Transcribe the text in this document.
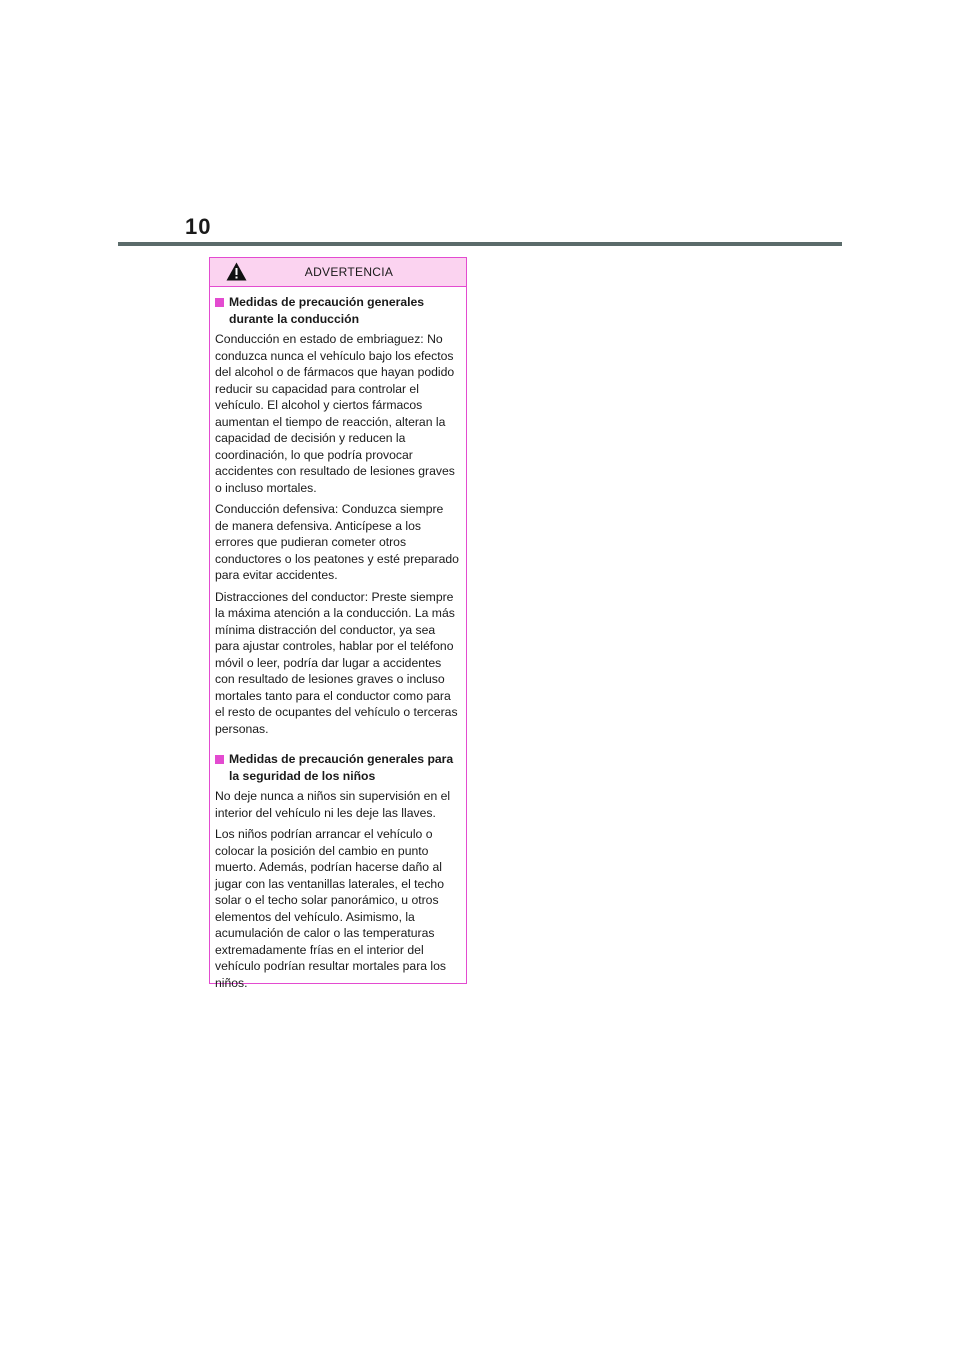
10
ADVERTENCIA
Medidas de precaución generales durante la conducción

Conducción en estado de embriaguez: No conduzca nunca el vehículo bajo los efectos del alcohol o de fármacos que hayan podido reducir su capacidad para controlar el vehículo. El alcohol y ciertos fármacos aumentan el tiempo de reacción, alteran la capacidad de decisión y reducen la coordinación, lo que podría provocar accidentes con resultado de lesiones graves o incluso mortales.

Conducción defensiva: Conduzca siempre de manera defensiva. Anticípese a los errores que pudieran cometer otros conductores o los peatones y esté preparado para evitar accidentes.

Distracciones del conductor: Preste siempre la máxima atención a la conducción. La más mínima distracción del conductor, ya sea para ajustar controles, hablar por el teléfono móvil o leer, podría dar lugar a accidentes con resultado de lesiones graves o incluso mortales tanto para el conductor como para el resto de ocupantes del vehículo o terceras personas.

Medidas de precaución generales para la seguridad de los niños

No deje nunca a niños sin supervisión en el interior del vehículo ni les deje las llaves.

Los niños podrían arrancar el vehículo o colocar la posición del cambio en punto muerto. Además, podrían hacerse daño al jugar con las ventanillas laterales, el techo solar o el techo solar panorámico, u otros elementos del vehículo. Asimismo, la acumulación de calor o las temperaturas extremadamente frías en el interior del vehículo podrían resultar mortales para los niños.
